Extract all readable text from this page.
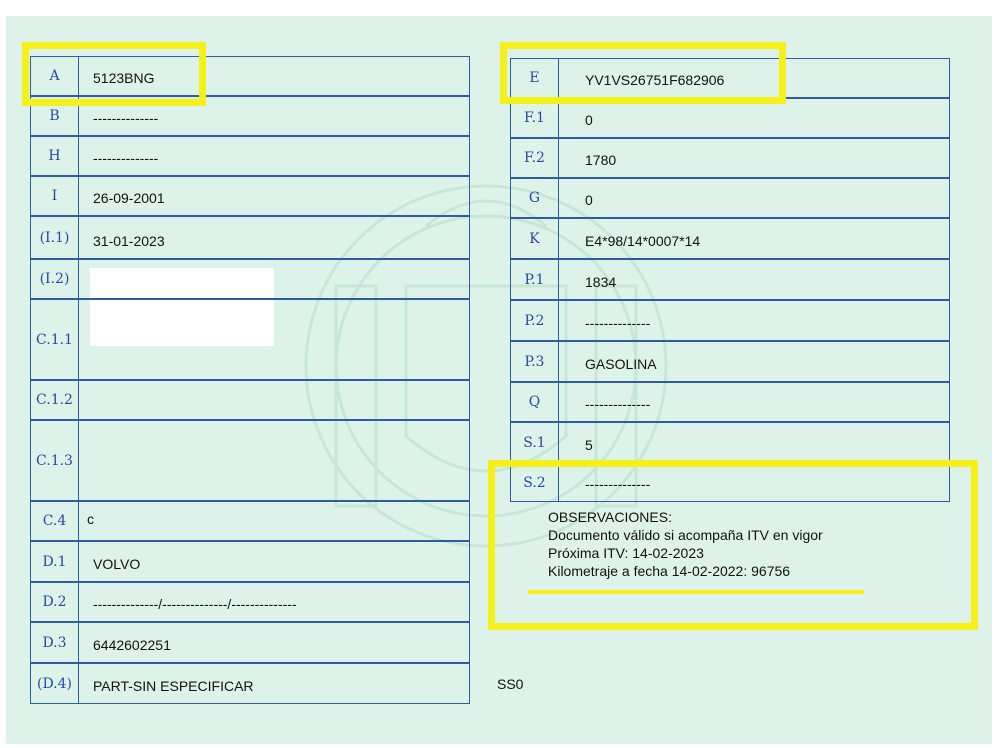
A	5123BNG
B	--------------
H	--------------
I	26-09-2001
(I.1)	31-01-2023
(I.2)
C.1.1
C.1.2
C.1.3
C.4	c
D.1	VOLVO
D.2	--------------/--------------/--------------
D.3	6442602251
(D.4)	PART-SIN ESPECIFICAR
E	YV1VS26751F682906
F.1	0
F.2	1780
G	0
K	E4*98/14*0007*14
P.1	1834
P.2	--------------
P.3	GASOLINA
Q	--------------
S.1	5
S.2	--------------
OBSERVACIONES:
Documento válido si acompaña ITV en vigor
Próxima ITV: 14-02-2023
Kilometraje a fecha 14-02-2022: 96756
SS0
